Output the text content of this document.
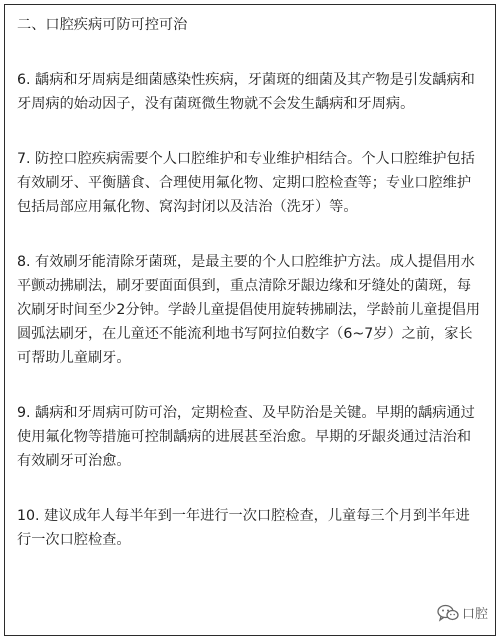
二、口腔疾病可防可控可治

6. 龋病和牙周病是细菌感染性疾病，牙菌斑的细菌及其产物是引发龋病和牙周病的始动因子，没有菌斑微生物就不会发生龋病和牙周病。

7. 防控口腔疾病需要个人口腔维护和专业维护相结合。个人口腔维护包括有效刷牙、平衡膳食、合理使用氟化物、定期口腔检查等；专业口腔维护包括局部应用氟化物、窝沟封闭以及洁治（洗牙）等。

8. 有效刷牙能清除牙菌斑，是最主要的个人口腔维护方法。成人提倡用水平颤动拂刷法，刷牙要面面俱到，重点清除牙龈边缘和牙缝处的菌斑，每次刷牙时间至少2分钟。学龄儿童提倡使用旋转拂刷法，学龄前儿童提倡用圆弧法刷牙，在儿童还不能流利地书写阿拉伯数字（6~7岁）之前，家长可帮助儿童刷牙。

9. 龋病和牙周病可防可治，定期检查、及早防治是关键。早期的龋病通过使用氟化物等措施可控制龋病的进展甚至治愈。早期的牙龈炎通过洁治和有效刷牙可治愈。

10. 建议成年人每半年到一年进行一次口腔检查，儿童每三个月到半年进行一次口腔检查。

口腔
